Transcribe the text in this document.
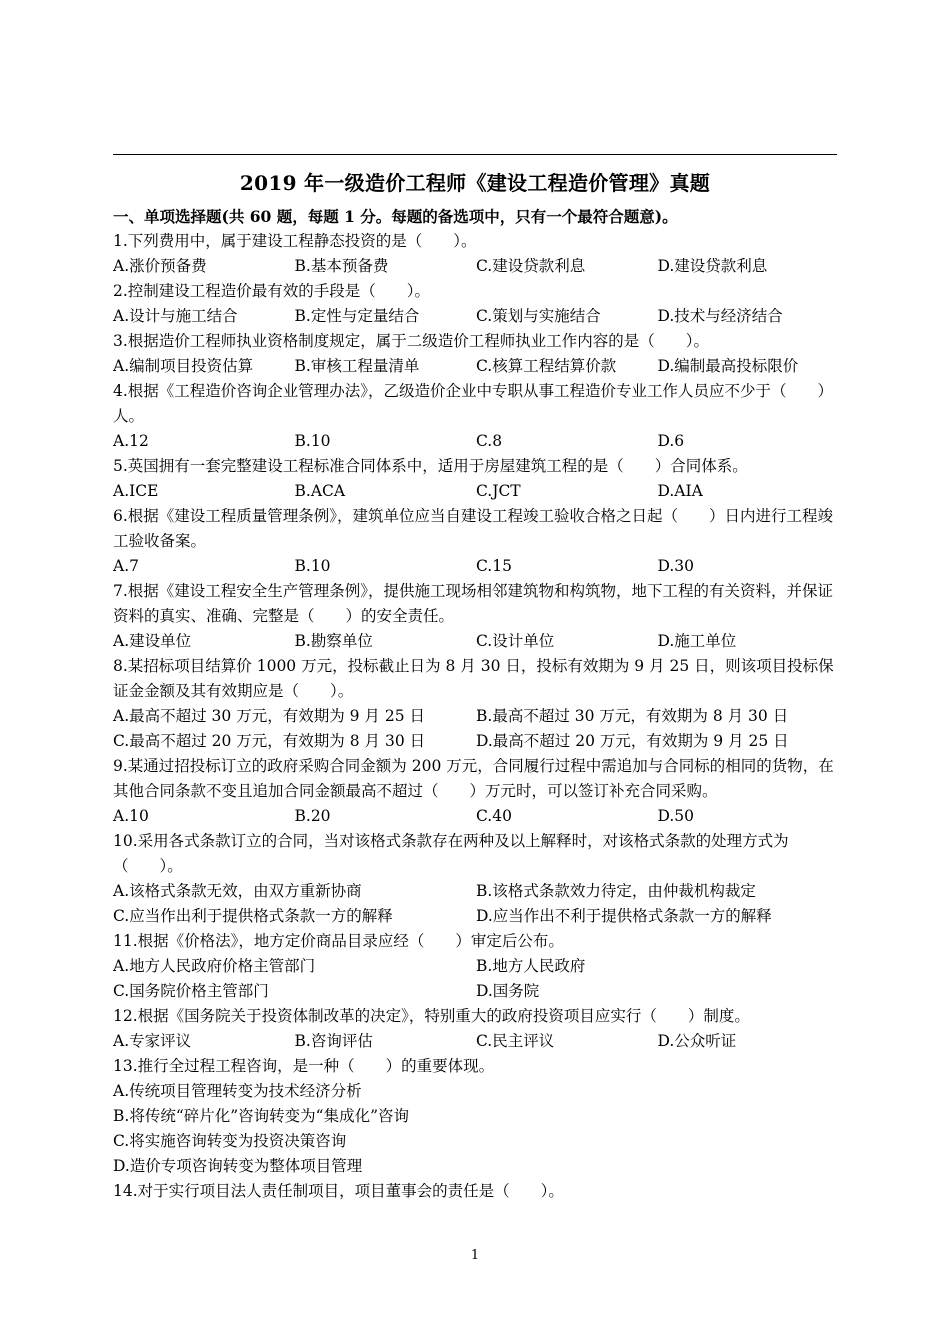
2019 年一级造价工程师《建设工程造价管理》真题
一、单项选择题(共 60 题，每题 1 分。每题的备选项中，只有一个最符合题意)。
1.下列费用中，属于建设工程静态投资的是（　　）。
A.涨价预备费	B.基本预备费	C.建设贷款利息	D.建设贷款利息
2.控制建设工程造价最有效的手段是（　　）。
A.设计与施工结合	B.定性与定量结合	C.策划与实施结合	D.技术与经济结合
3.根据造价工程师执业资格制度规定，属于二级造价工程师执业工作内容的是（　　）。
A.编制项目投资估算	B.审核工程量清单	C.核算工程结算价款	D.编制最高投标限价
4.根据《工程造价咨询企业管理办法》，乙级造价企业中专职从事工程造价专业工作人员应不少于（　　）人。
A.12	B.10	C.8	D.6
5.英国拥有一套完整建设工程标准合同体系中，适用于房屋建筑工程的是（　　）合同体系。
A.ICE	B.ACA	C.JCT	D.AIA
6.根据《建设工程质量管理条例》，建筑单位应当自建设工程竣工验收合格之日起（　　）日内进行工程竣工验收备案。
A.7	B.10	C.15	D.30
7.根据《建设工程安全生产管理条例》，提供施工现场相邻建筑物和构筑物，地下工程的有关资料，并保证资料的真实、准确、完整是（　　）的安全责任。
A.建设单位	B.勘察单位	C.设计单位	D.施工单位
8.某招标项目结算价 1000 万元，投标截止日为 8 月 30 日，投标有效期为 9 月 25 日，则该项目投标保证金金额及其有效期应是（　　）。
A.最高不超过 30 万元，有效期为 9 月 25 日	B.最高不超过 30 万元，有效期为 8 月 30 日
C.最高不超过 20 万元，有效期为 8 月 30 日	D.最高不超过 20 万元，有效期为 9 月 25 日
9.某通过招投标订立的政府采购合同金额为 200 万元，合同履行过程中需追加与合同标的相同的货物，在其他合同条款不变且追加合同金额最高不超过（　　）万元时，可以签订补充合同采购。
A.10	B.20	C.40	D.50
10.采用各式条款订立的合同，当对该格式条款存在两种及以上解释时，对该格式条款的处理方式为（　　）。
A.该格式条款无效，由双方重新协商	B.该格式条款效力待定，由仲裁机构裁定
C.应当作出利于提供格式条款一方的解释	D.应当作出不利于提供格式条款一方的解释
11.根据《价格法》，地方定价商品目录应经（　　）审定后公布。
A.地方人民政府价格主管部门	B.地方人民政府
C.国务院价格主管部门	D.国务院
12.根据《国务院关于投资体制改革的决定》，特别重大的政府投资项目应实行（　　）制度。
A.专家评议	B.咨询评估	C.民主评议	D.公众听证
13.推行全过程工程咨询，是一种（　　）的重要体现。
A.传统项目管理转变为技术经济分析
B.将传统“碎片化”咨询转变为“集成化”咨询
C.将实施咨询转变为投资决策咨询
D.造价专项咨询转变为整体项目管理
14.对于实行项目法人责任制项目，项目董事会的责任是（　　）。
1
